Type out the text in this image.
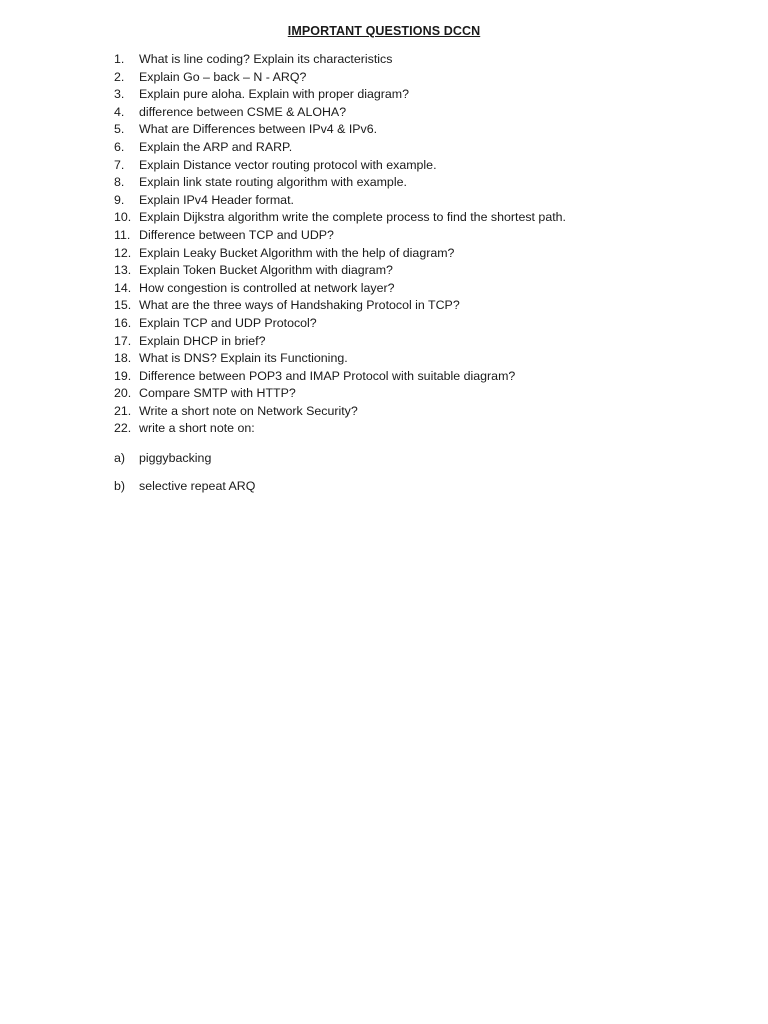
IMPORTANT QUESTIONS DCCN
1.	What is line coding? Explain its characteristics
2.	Explain Go – back – N - ARQ?
3.	Explain pure aloha. Explain with proper diagram?
4.	difference between CSME & ALOHA?
5.	What are Differences between IPv4 & IPv6.
6.	Explain the ARP and RARP.
7.	Explain Distance vector routing protocol with example.
8.	Explain link state routing algorithm with example.
9.	Explain IPv4 Header format.
10. Explain Dijkstra algorithm write the complete process to find the shortest path.
11. Difference between TCP and UDP?
12. Explain Leaky Bucket Algorithm with the help of diagram?
13. Explain Token Bucket Algorithm with diagram?
14. How congestion is controlled at network layer?
15. What are the three ways of Handshaking Protocol in TCP?
16. Explain TCP and UDP Protocol?
17. Explain DHCP in brief?
18. What is DNS? Explain its Functioning.
19. Difference between POP3 and IMAP Protocol with suitable diagram?
20. Compare SMTP with HTTP?
21. Write a short note on Network Security?
22. write a short note on:
a)	piggybacking
b)	selective repeat ARQ
